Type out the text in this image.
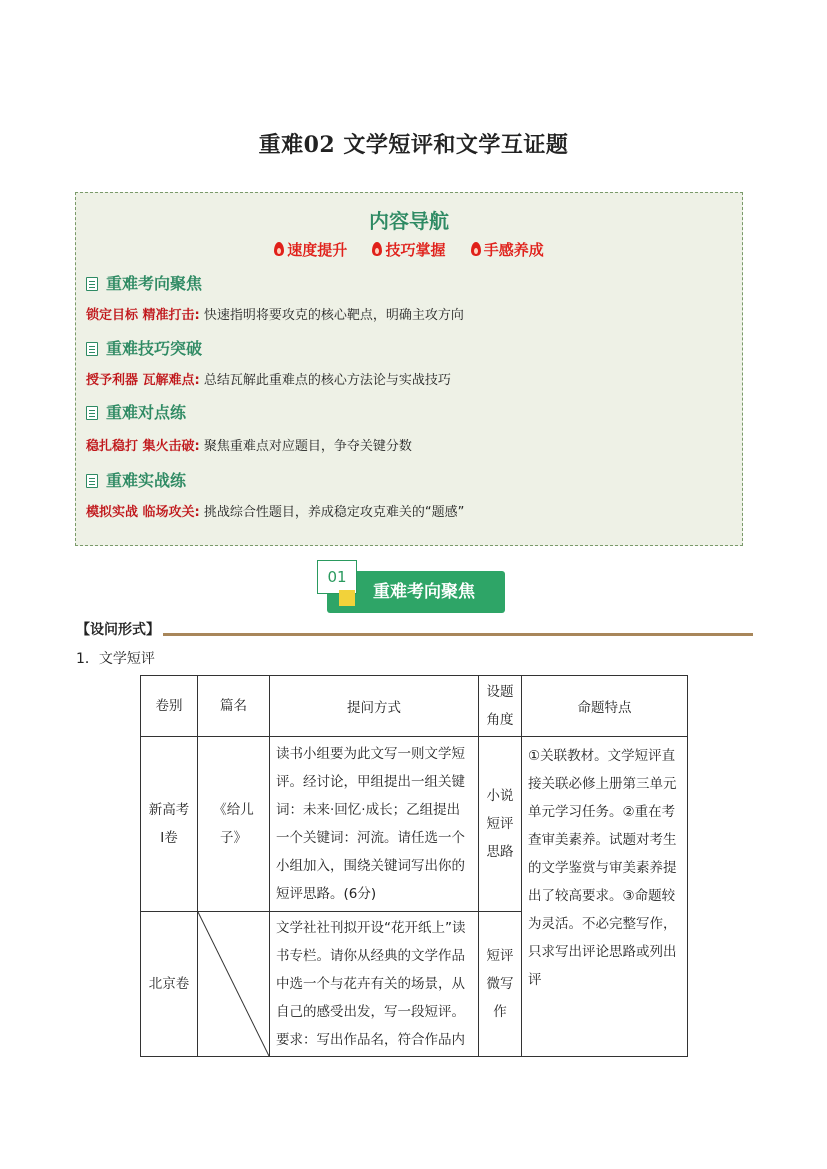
重难02 文学短评和文学互证题
内容导航
速度提升	技巧掌握	手感养成
重难考向聚焦
锁定目标 精准打击: 快速指明将要攻克的核心靶点，明确主攻方向
重难技巧突破
授予利器 瓦解难点: 总结瓦解此重难点的核心方法论与实战技巧
重难对点练
稳扎稳打 集火击破: 聚焦重难点对应题目，争夺关键分数
重难实战练
模拟实战 临场攻关: 挑战综合性题目，养成稳定攻克难关的“题感”
重难考向聚焦
01
【设问形式】
1．文学短评
卷别	篇名	提问方式	设题角度	命题特点
新高考Ⅰ卷	《给儿子》	读书小组要为此文写一则文学短评。经讨论，甲组提出一组关键词：未来·回忆·成长；乙组提出一个关键词：河流。请任选一个小组加入，围绕关键词写出你的短评思路。(6分)	小说短评思路	①关联教材。文学短评直接关联必修上册第三单元单元学习任务。②重在考查审美素养。试题对考生的文学鉴赏与审美素养提出了较高要求。③命题较为灵活。不必完整写作，只求写出评论思路或列出评

北京卷		文学社社刊拟开设“花开纸上”读书专栏。请你从经典的文学作品中选一个与花卉有关的场景，从自己的感受出发，写一段短评。要求：写出作品名，符合作品内	短评微写作	
